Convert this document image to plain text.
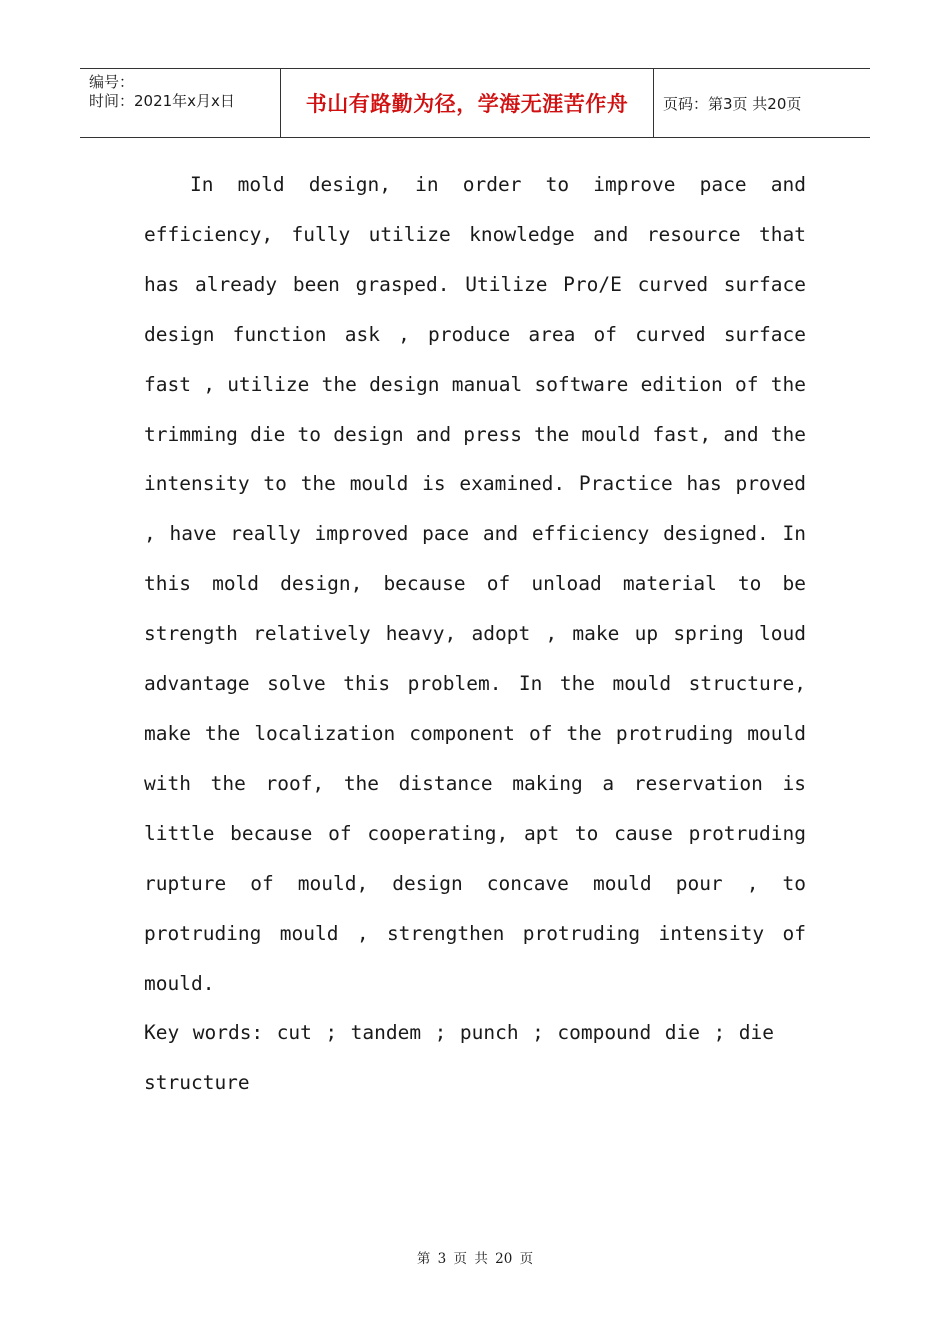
编号：
时间：2021年x月x日	书山有路勤为径，学海无涯苦作舟 页码：第3页 共20页

In mold design, in order to improve pace and efficiency, fully utilize knowledge and resource that has already been grasped. Utilize Pro/E curved surface design function ask , produce area of curved surface fast , utilize the design manual software edition of the trimming die to design and press the mould fast, and the intensity to the mould is examined. Practice has proved , have really improved pace and efficiency designed. In this mold design, because of unload material to be strength relatively heavy, adopt , make up spring loud advantage solve this problem. In the mould structure, make the localization component of the protruding mould with the roof, the distance making a reservation is little because of cooperating, apt to cause protruding rupture of mould, design concave mould pour , to protruding mould , strengthen protruding intensity of mould.

Key words: cut ; tandem ; punch ; compound die ; die structure

第 3 页 共 20 页
